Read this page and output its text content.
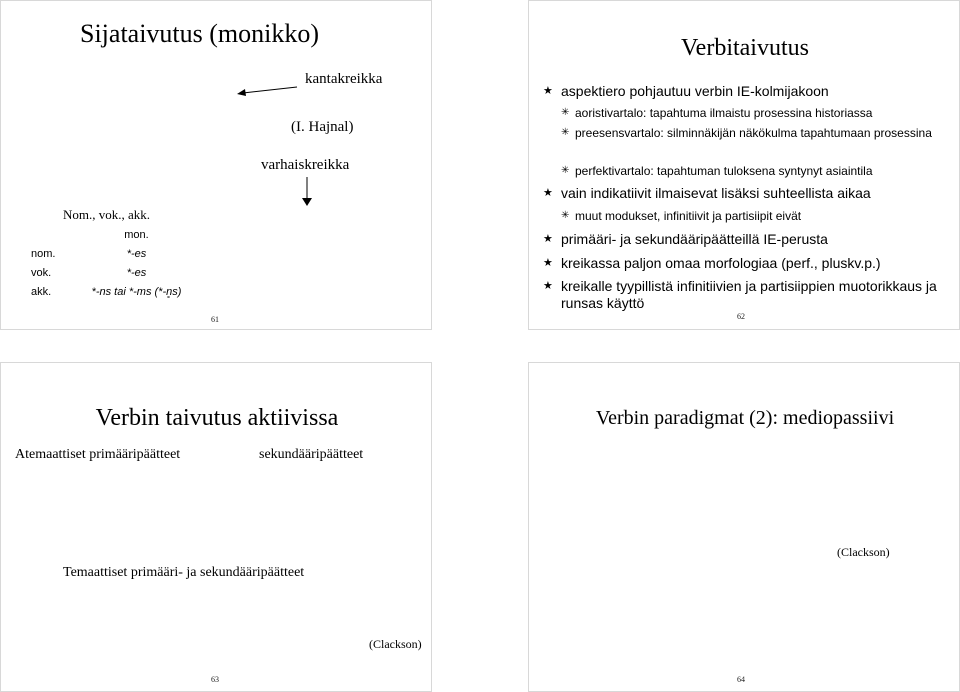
Sijataivutus (monikko)
kantakreikka
(I. Hajnal)
varhaiskreikka
Nom., vok., akk.
	mon.
nom.	*-es
vok.	*-es
akk.	*-ns tai *-ms (*-n̥s)
61
Verbitaivutus
★ aspektiero pohjautuu verbin IE-kolmijakoon
✳ aoristivartalo: tapahtuma ilmaistu prosessina historiassa
✳ preesensvartalo: silminnäkijän näkökulma tapahtumaan prosessina
✳ perfektivartalo: tapahtuman tuloksena syntynyt asiaintila
★ vain indikatiivit ilmaisevat lisäksi suhteellista aikaa
✳ muut modukset, infinitiivit ja partisiipit eivät
★ primääri- ja sekundääripäätteillä IE-perusta
★ kreikassa paljon omaa morfologiaa (perf., pluskv.p.)
★ kreikalle tyypillistä infinitiivien ja partisiippien muotorikkaus ja runsas käyttö
62
Verbin taivutus aktiivissa
Atemaattiset primääripäätteet	sekundääripäätteet
Temaattiset primääri- ja sekundääripäätteet
(Clackson)
63
Verbin paradigmat (2): mediopassiivi
(Clackson)
64
